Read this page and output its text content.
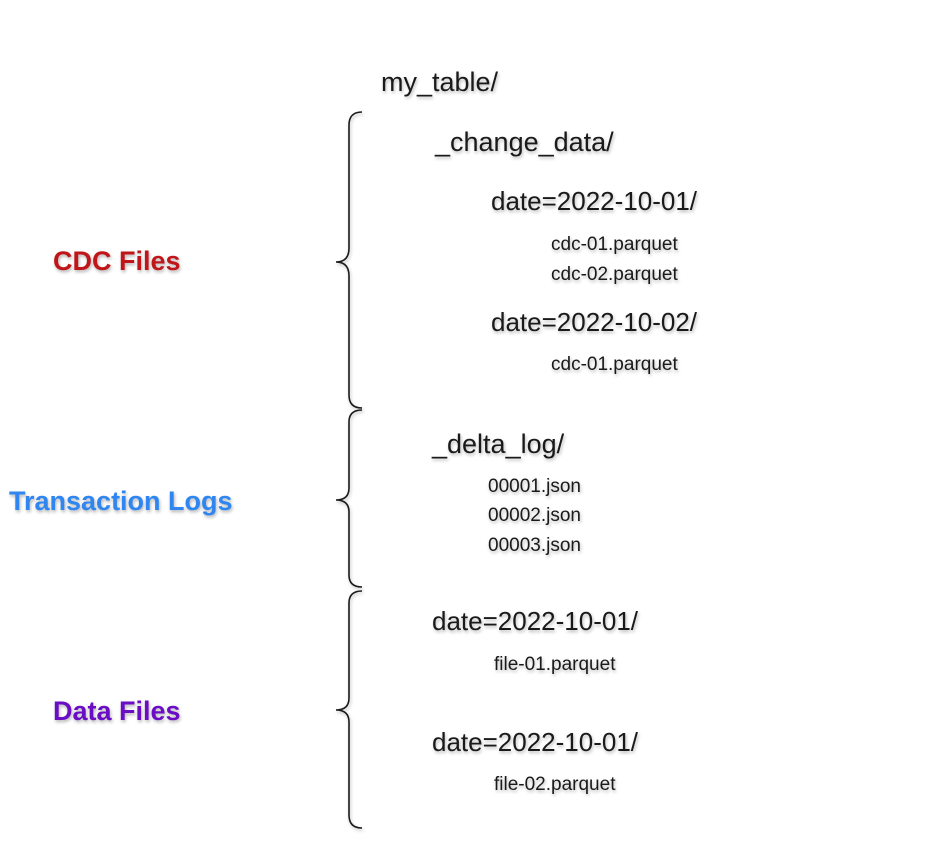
my_table/
CDC Files
Transaction Logs
Data Files
_change_data/
date=2022-10-01/
cdc-01.parquet
cdc-02.parquet
date=2022-10-02/
cdc-01.parquet
_delta_log/
00001.json
00002.json
00003.json
date=2022-10-01/
file-01.parquet
date=2022-10-01/
file-02.parquet
